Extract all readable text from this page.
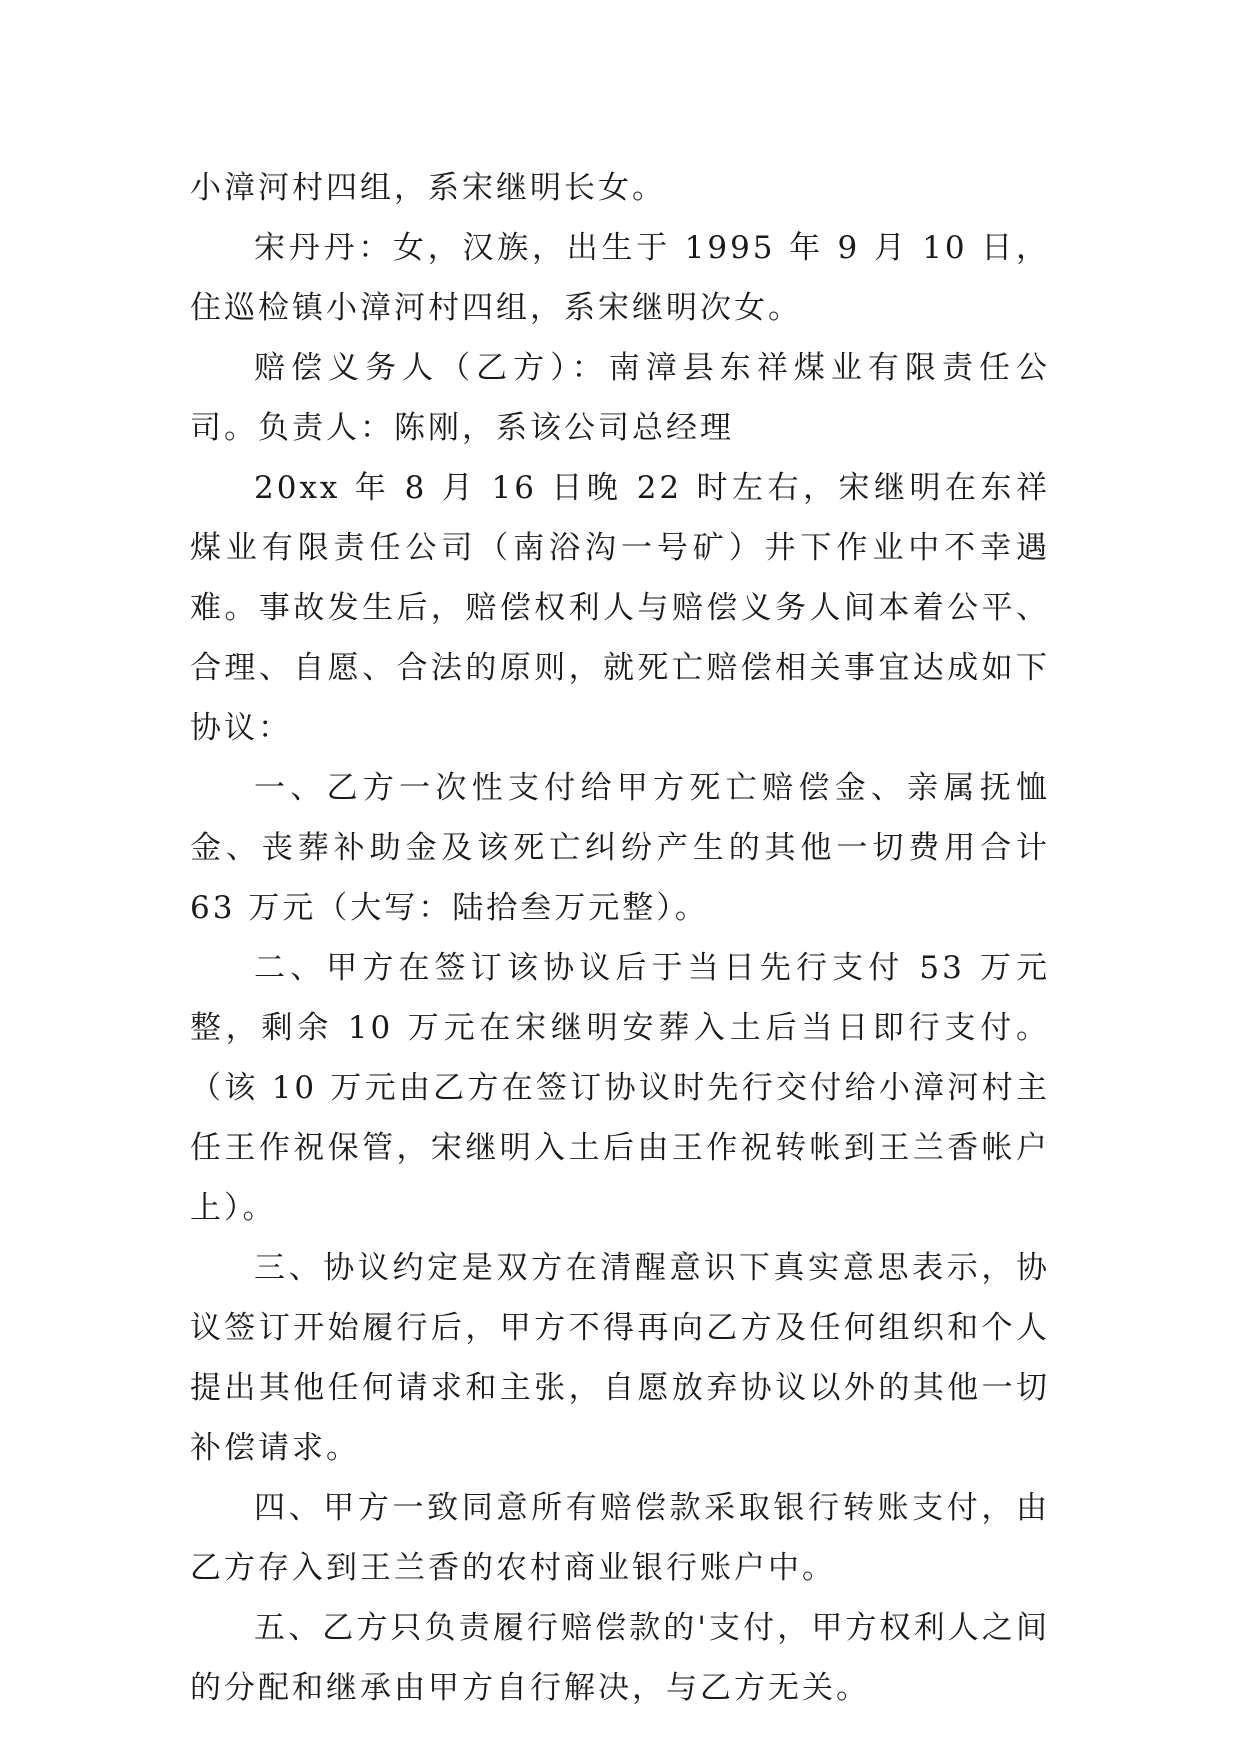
小漳河村四组，系宋继明长女。

宋丹丹：女，汉族，出生于 1995 年 9 月 10 日，住巡检镇小漳河村四组，系宋继明次女。

赔偿义务人（乙方）：南漳县东祥煤业有限责任公司。负责人：陈刚，系该公司总经理

20xx 年 8 月 16 日晚 22 时左右，宋继明在东祥煤业有限责任公司（南浴沟一号矿）井下作业中不幸遇难。事故发生后，赔偿权利人与赔偿义务人间本着公平、合理、自愿、合法的原则，就死亡赔偿相关事宜达成如下协议：

一、乙方一次性支付给甲方死亡赔偿金、亲属抚恤金、丧葬补助金及该死亡纠纷产生的其他一切费用合计 63 万元（大写：陆拾叁万元整）。

二、甲方在签订该协议后于当日先行支付 53 万元整，剩余 10 万元在宋继明安葬入土后当日即行支付。（该 10 万元由乙方在签订协议时先行交付给小漳河村主任王作祝保管，宋继明入土后由王作祝转帐到王兰香帐户上）。

三、协议约定是双方在清醒意识下真实意思表示，协议签订开始履行后，甲方不得再向乙方及任何组织和个人提出其他任何请求和主张，自愿放弃协议以外的其他一切补偿请求。

四、甲方一致同意所有赔偿款采取银行转账支付，由乙方存入到王兰香的农村商业银行账户中。

五、乙方只负责履行赔偿款的'支付，甲方权利人之间的分配和继承由甲方自行解决，与乙方无关。
